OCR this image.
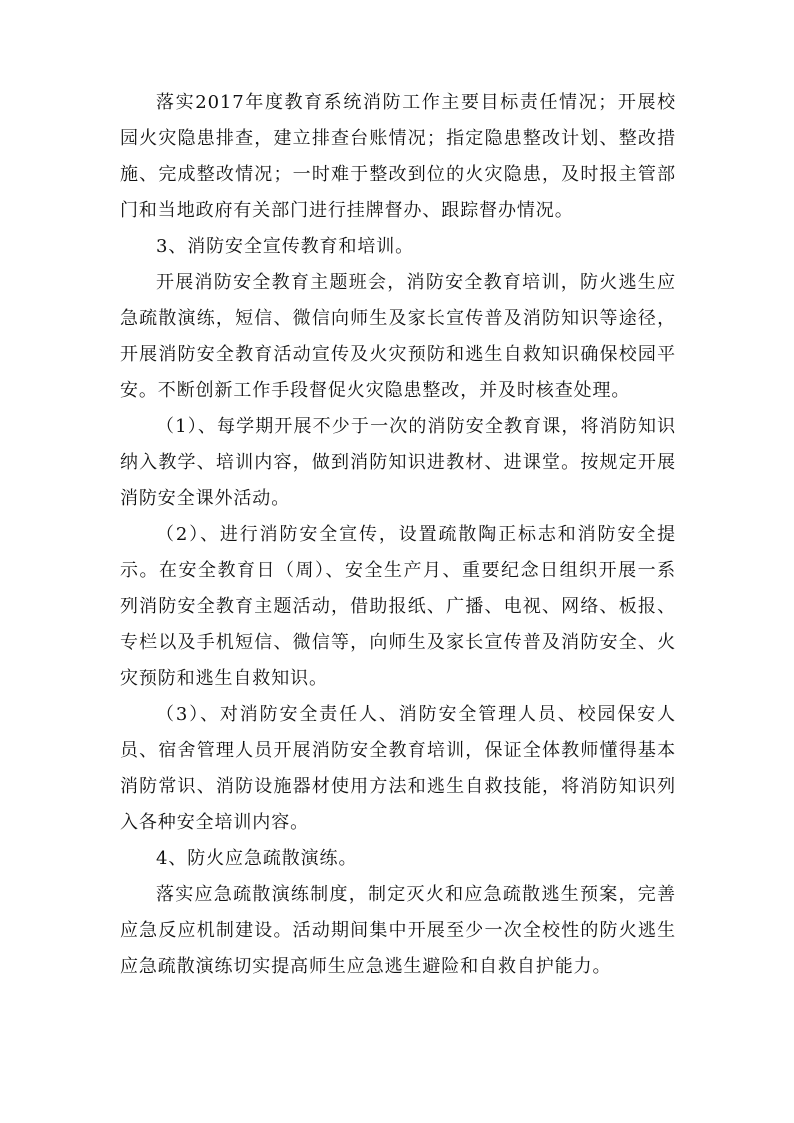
落实2017年度教育系统消防工作主要目标责任情况；开展校园火灾隐患排查，建立排查台账情况；指定隐患整改计划、整改措施、完成整改情况；一时难于整改到位的火灾隐患，及时报主管部门和当地政府有关部门进行挂牌督办、跟踪督办情况。

3、消防安全宣传教育和培训。

开展消防安全教育主题班会，消防安全教育培训，防火逃生应急疏散演练，短信、微信向师生及家长宣传普及消防知识等途径，开展消防安全教育活动宣传及火灾预防和逃生自救知识确保校园平安。不断创新工作手段督促火灾隐患整改，并及时核查处理。

（1）、每学期开展不少于一次的消防安全教育课，将消防知识纳入教学、培训内容，做到消防知识进教材、进课堂。按规定开展消防安全课外活动。

（2）、进行消防安全宣传，设置疏散陶正标志和消防安全提示。在安全教育日（周）、安全生产月、重要纪念日组织开展一系列消防安全教育主题活动，借助报纸、广播、电视、网络、板报、专栏以及手机短信、微信等，向师生及家长宣传普及消防安全、火灾预防和逃生自救知识。

（3）、对消防安全责任人、消防安全管理人员、校园保安人员、宿舍管理人员开展消防安全教育培训，保证全体教师懂得基本消防常识、消防设施器材使用方法和逃生自救技能，将消防知识列入各种安全培训内容。

4、防火应急疏散演练。

落实应急疏散演练制度，制定灭火和应急疏散逃生预案，完善应急反应机制建设。活动期间集中开展至少一次全校性的防火逃生应急疏散演练切实提高师生应急逃生避险和自救自护能力。
